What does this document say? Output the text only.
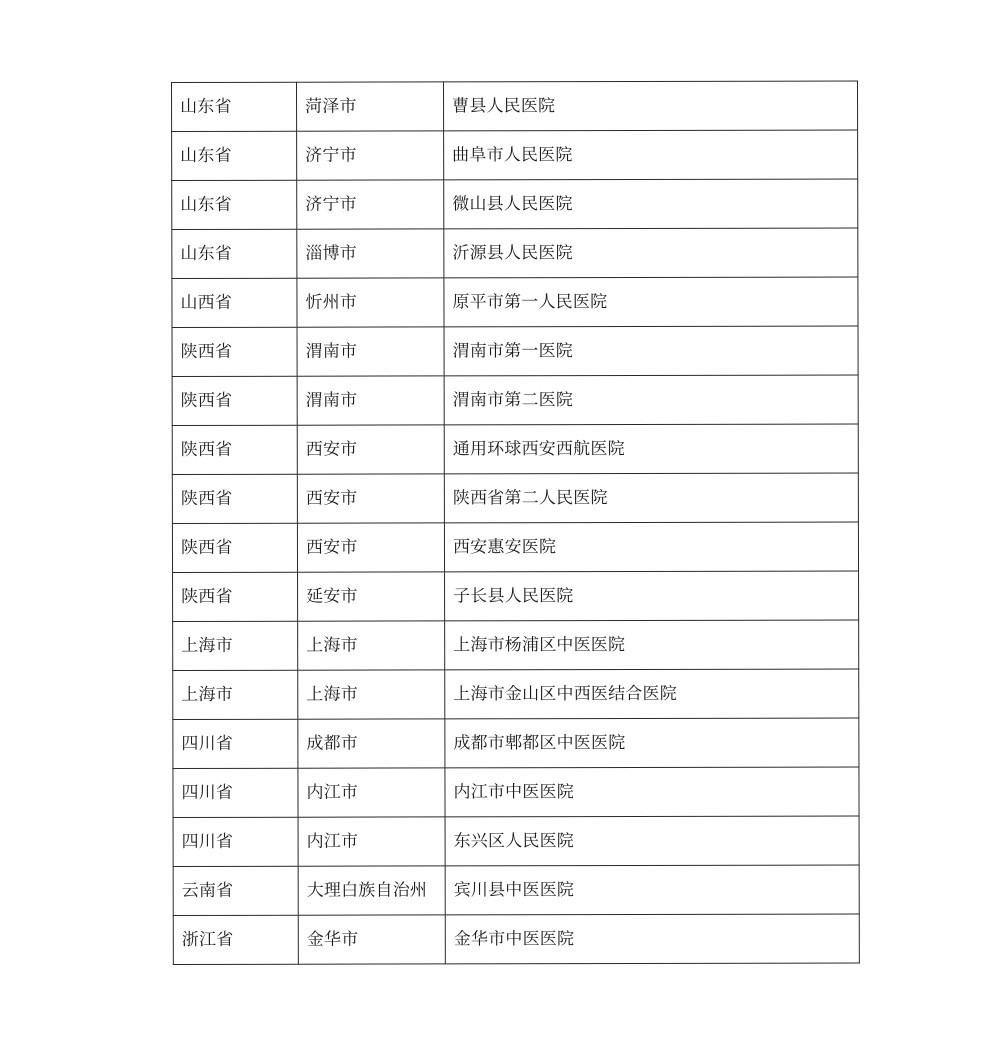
山东省	菏泽市	曹县人民医院
山东省	济宁市	曲阜市人民医院
山东省	济宁市	微山县人民医院
山东省	淄博市	沂源县人民医院
山西省	忻州市	原平市第一人民医院
陕西省	渭南市	渭南市第一医院
陕西省	渭南市	渭南市第二医院
陕西省	西安市	通用环球西安西航医院
陕西省	西安市	陕西省第二人民医院
陕西省	西安市	西安惠安医院
陕西省	延安市	子长县人民医院
上海市	上海市	上海市杨浦区中医医院
上海市	上海市	上海市金山区中西医结合医院
四川省	成都市	成都市郫都区中医医院
四川省	内江市	内江市中医医院
四川省	内江市	东兴区人民医院
云南省	大理白族自治州	宾川县中医医院
浙江省	金华市	金华市中医医院
